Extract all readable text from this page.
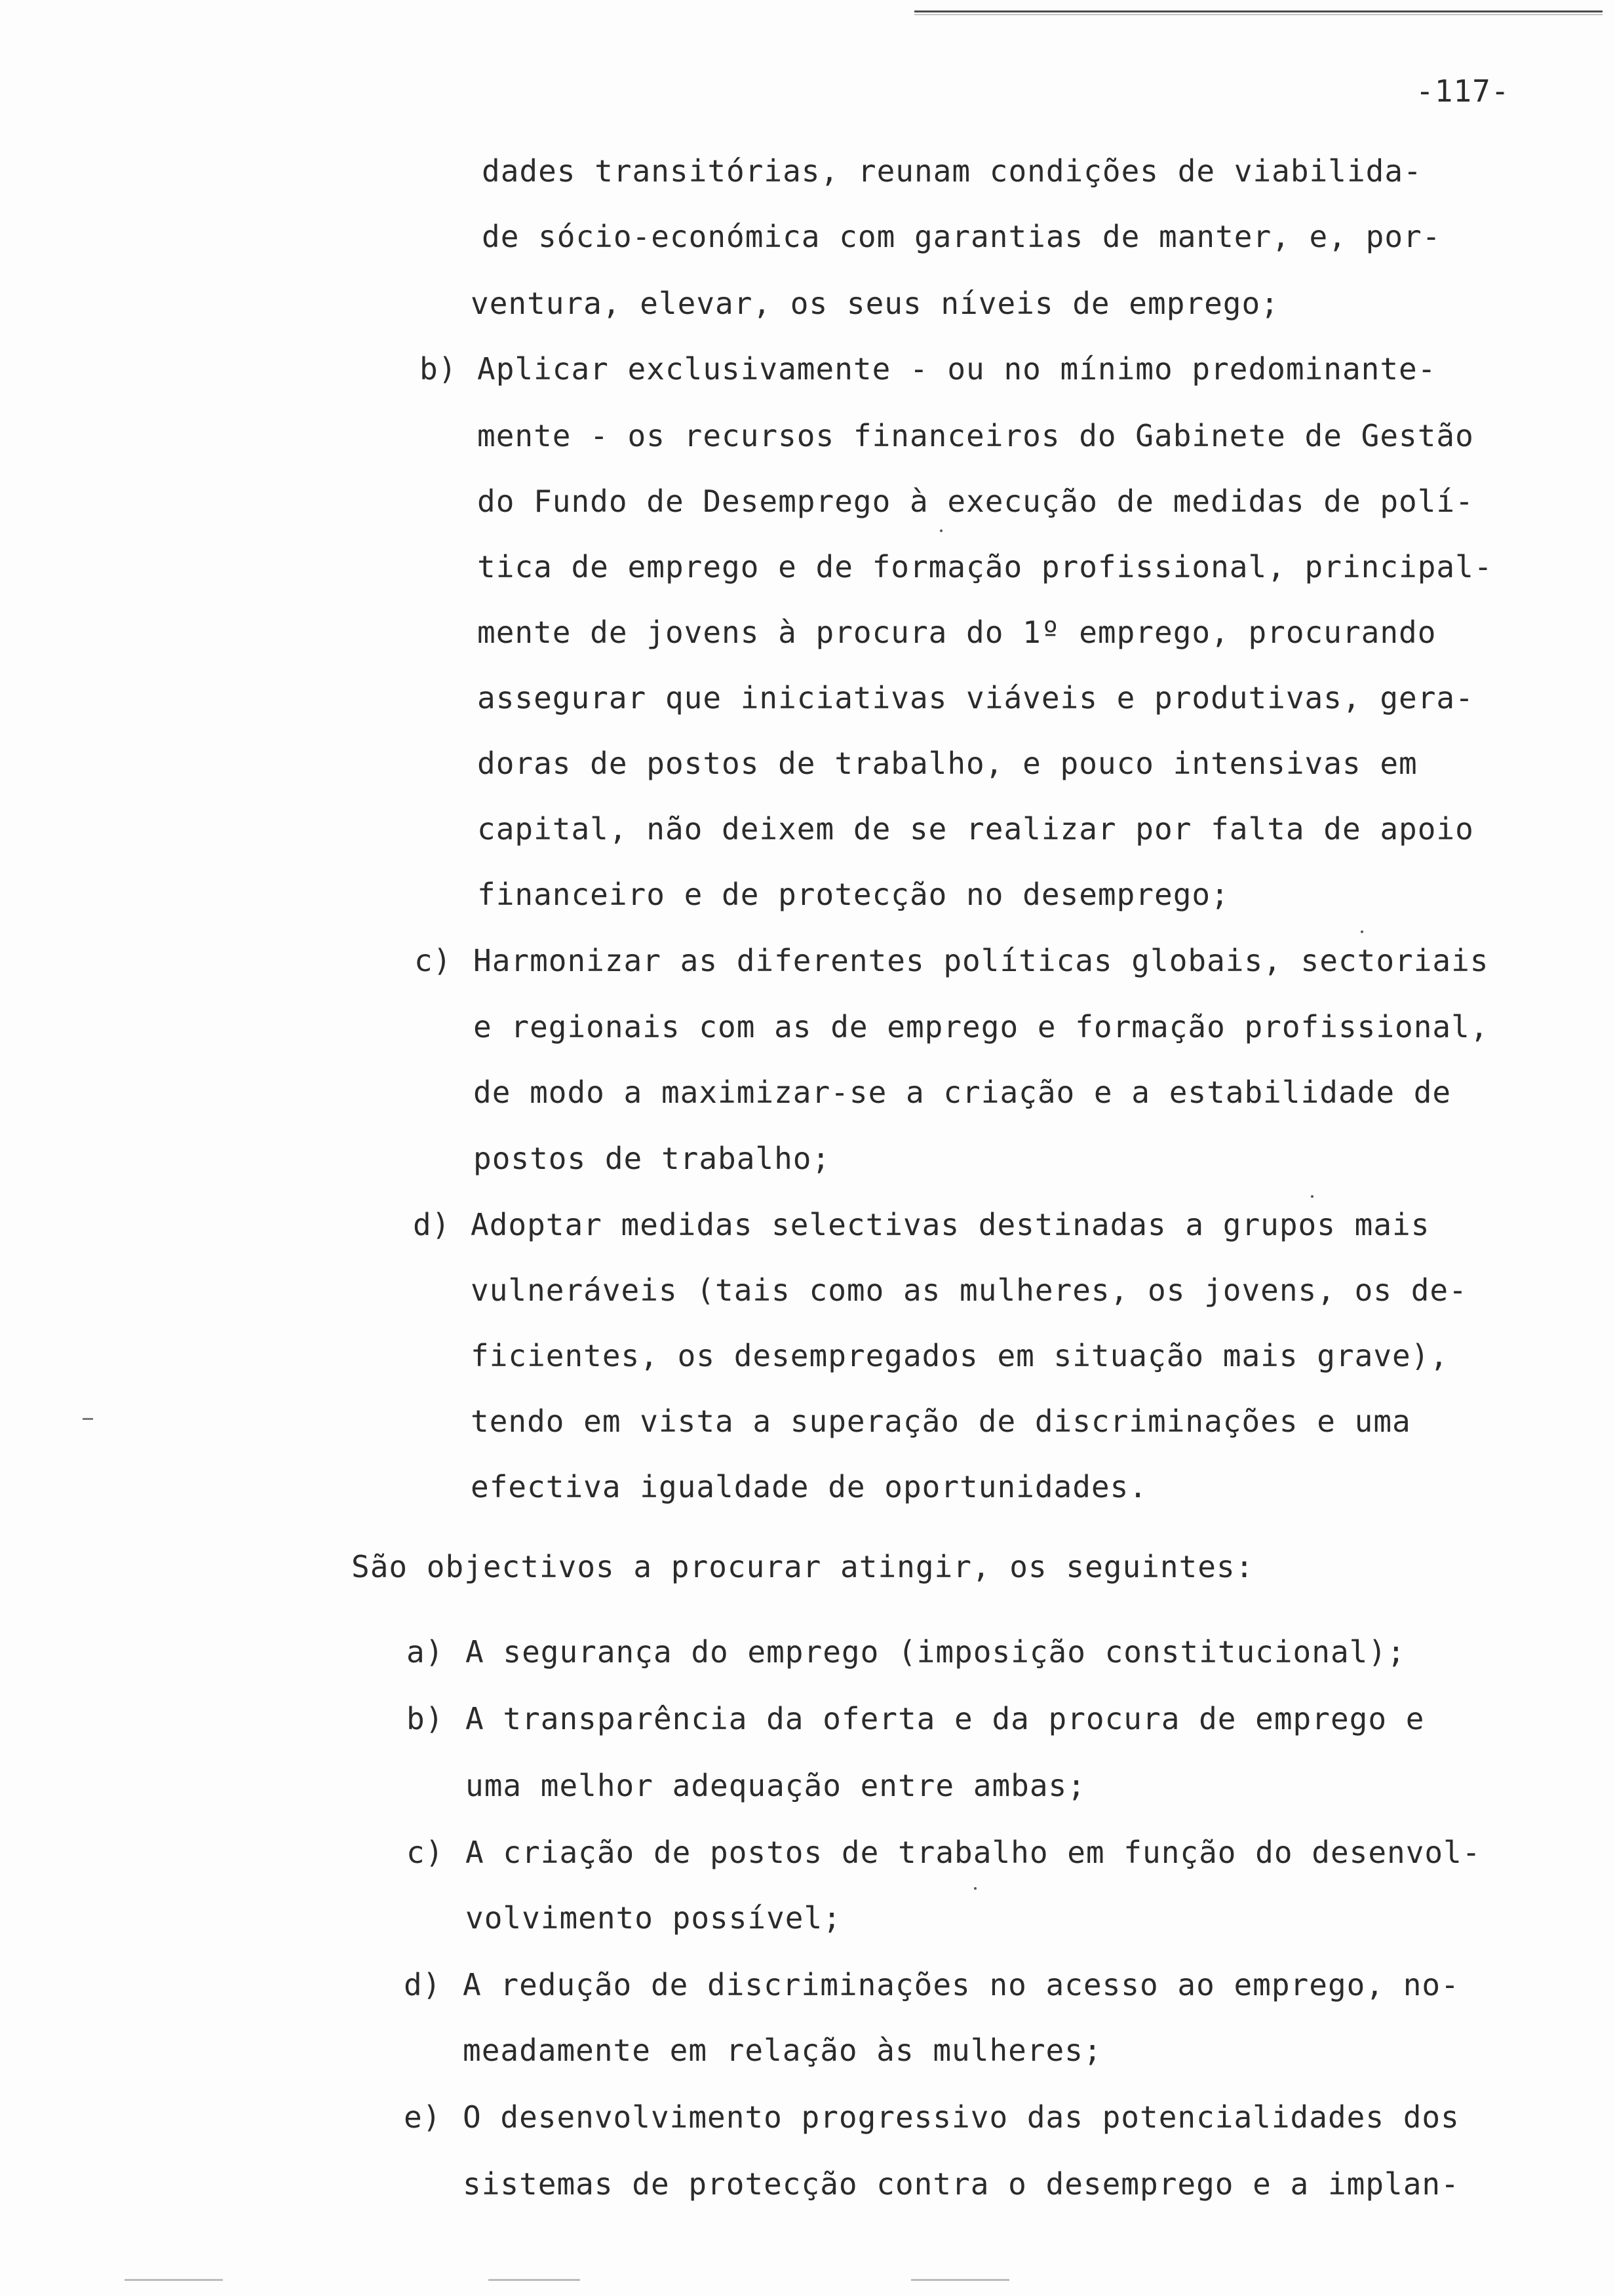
-117-
dades transitórias, reunam condições de viabilida-
de sócio-económica com garantias de manter, e, por-
ventura, elevar, os seus níveis de emprego;
b) Aplicar exclusivamente - ou no mínimo predominante-
mente - os recursos financeiros do Gabinete de Gestão
do Fundo de Desemprego à execução de medidas de polí-
tica de emprego e de formação profissional, principal-
mente de jovens à procura do 1º emprego, procurando
assegurar que iniciativas viáveis e produtivas, gera-
doras de postos de trabalho, e pouco intensivas em
capital, não deixem de se realizar por falta de apoio
financeiro e de protecção no desemprego;
c) Harmonizar as diferentes políticas globais, sectoriais
e regionais com as de emprego e formação profissional,
de modo a maximizar-se a criação e a estabilidade de
postos de trabalho;
d) Adoptar medidas selectivas destinadas a grupos mais
vulneráveis (tais como as mulheres, os jovens, os de-
ficientes, os desempregados em situação mais grave),
tendo em vista a superação de discriminações e uma
efectiva igualdade de oportunidades.
São objectivos a procurar atingir, os seguintes:
a) A segurança do emprego (imposição constitucional);
b) A transparência da oferta e da procura de emprego e
uma melhor adequação entre ambas;
c) A criação de postos de trabalho em função do desenvol-
volvimento possível;
d) A redução de discriminações no acesso ao emprego, no-
meadamente em relação às mulheres;
e) O desenvolvimento progressivo das potencialidades dos
sistemas de protecção contra o desemprego e a implan-
